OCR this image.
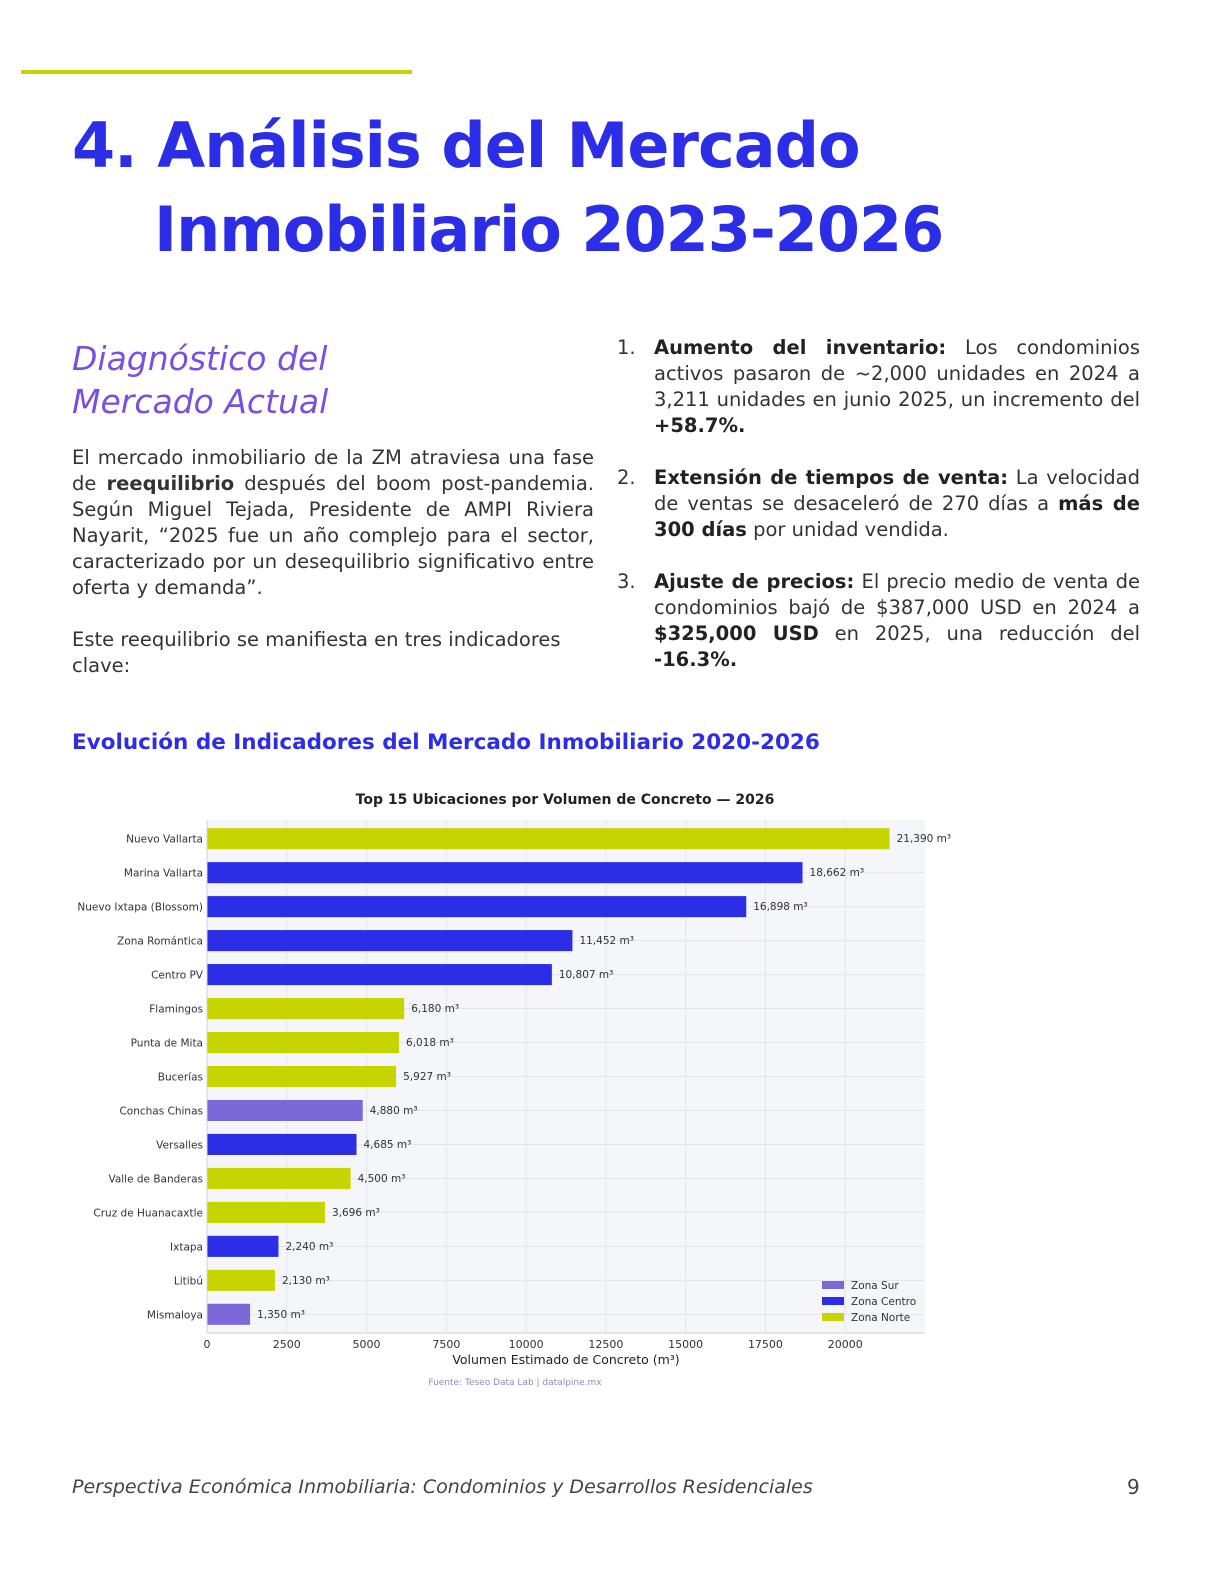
4. Análisis del Mercado
Inmobiliario 2023-2026
Diagnóstico del
Mercado Actual

El mercado inmobiliario de la ZM atraviesa una fase de reequilibrio después del boom post-pandemia. Según Miguel Tejada, Presidente de AMPI Riviera Nayarit, “2025 fue un año complejo para el sector, caracterizado por un desequilibrio significativo entre oferta y demanda”.

Este reequilibrio se manifiesta en tres indicadores clave:

1. Aumento del inventario: Los condominios activos pasaron de ~2,000 unidades en 2024 a 3,211 unidades en junio 2025, un incremento del +58.7%.
2. Extensión de tiempos de venta: La velocidad de ventas se desaceleró de 270 días a más de 300 días por unidad vendida.
3. Ajuste de precios: El precio medio de venta de condominios bajó de $387,000 USD en 2024 a $325,000 USD en 2025, una reducción del -16.3%.
Evolución de Indicadores del Mercado Inmobiliario 2020-2026
Top 15 Ubicaciones por Volumen de Concreto — 2026
Nuevo Vallarta	21,390 m³
Marina Vallarta	18,662 m³
Nuevo Ixtapa (Blossom)	16,898 m³
Zona Romántica	11,452 m³
Centro PV	10,807 m³
Flamingos	6,180 m³
Punta de Mita	6,018 m³
Bucerías	5,927 m³
Conchas Chinas	4,880 m³
Versalles	4,685 m³
Valle de Banderas	4,500 m³
Cruz de Huanacaxtle	3,696 m³
Ixtapa	2,240 m³
Litibú	2,130 m³
Mismaloya	1,350 m³
0	2500	5000	7500	10000	12500	15000	17500	20000
Volumen Estimado de Concreto (m³)
Fuente: Teseo Data Lab | datalpine.mx
Zona Sur
Zona Centro
Zona Norte
Perspectiva Económica Inmobiliaria: Condominios y Desarrollos Residenciales	9
